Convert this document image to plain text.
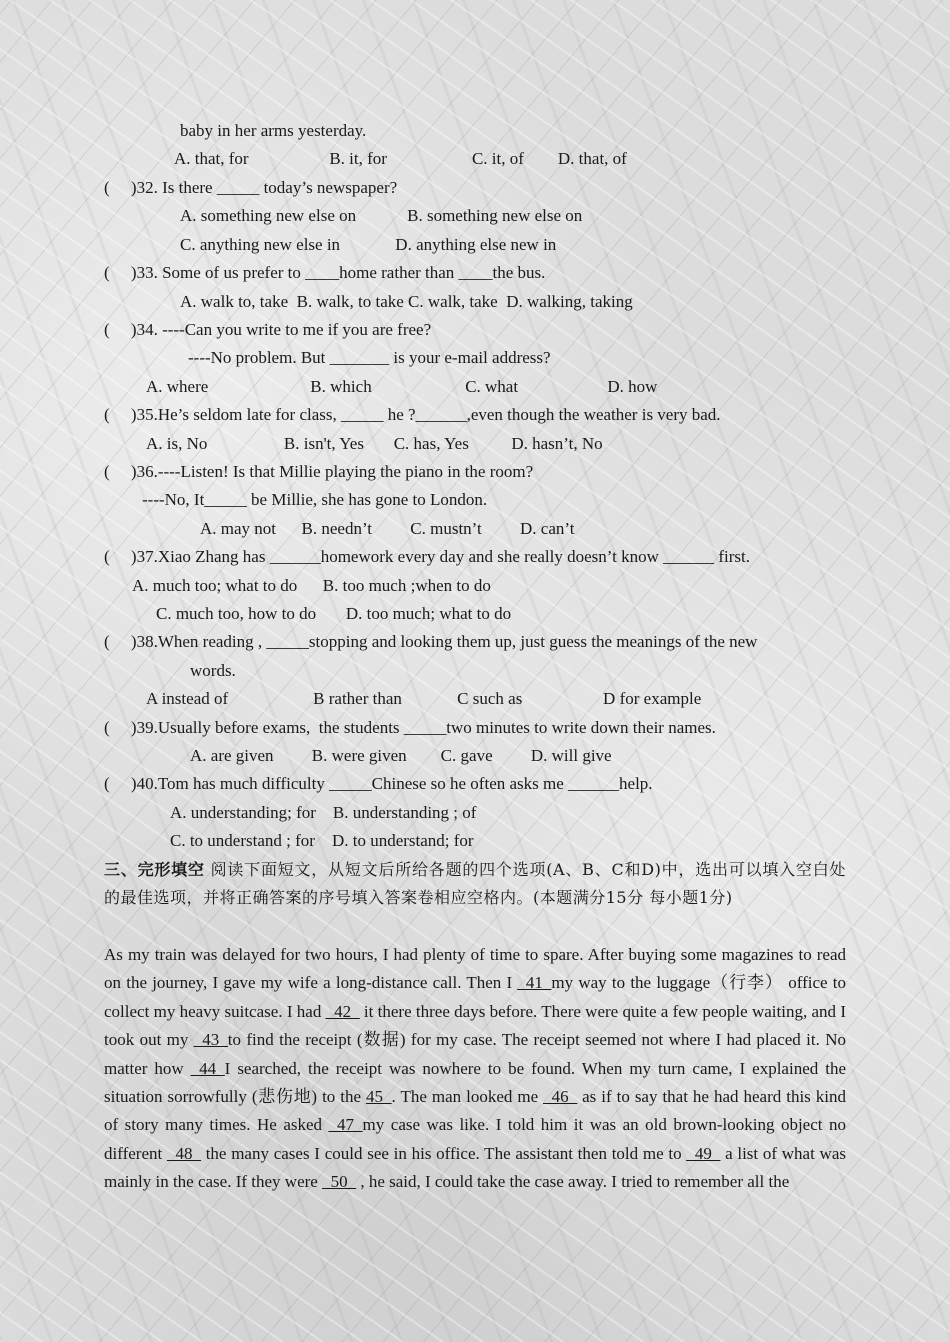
baby in her arms yesterday.
A. that, for                   B. it, for                    C. it, of        D. that, of
(     )32. Is there _____ today’s newspaper?
A. something new else on            B. something new else on
C. anything new else in             D. anything else new in
(     )33. Some of us prefer to ____home rather than ____the bus.
A. walk to, take  B. walk, to take C. walk, take  D. walking, taking
(     )34. ----Can you write to me if you are free?
----No problem. But _______ is your e-mail address?
A. where                        B. which                      C. what                     D. how
(     )35.He’s seldom late for class, _____ he ?______,even though the weather is very bad.
A. is, No                  B. isn't, Yes       C. has, Yes          D. hasn’t, No
(     )36.----Listen! Is that Millie playing the piano in the room?
----No, It_____ be Millie, she has gone to London.
A. may not      B. needn’t         C. mustn’t         D. can’t
(     )37.Xiao Zhang has ______homework every day and she really doesn’t know ______ first.
A. much too; what to do      B. too much ;when to do
C. much too, how to do       D. too much; what to do
(     )38.When reading , _____stopping and looking them up, just guess the meanings of the new
words.
A instead of                    B rather than             C such as                   D for example
(     )39.Usually before exams,  the students _____two minutes to write down their names.
A. are given         B. were given        C. gave         D. will give
(     )40.Tom has much difficulty _____Chinese so he often asks me ______help.
A. understanding; for    B. understanding ; of
C. to understand ; for    D. to understand; for
三、完形填空 阅读下面短文，从短文后所给各题的四个选项(A、B、C和D)中，选出可以填入空白处的最佳选项，并将正确答案的序号填入答案卷相应空格内。(本题满分15分 每小题1分)

As my train was delayed for two hours, I had plenty of time to spare. After buying some magazines to read on the journey, I gave my wife a long-distance call. Then I _41_my way to the luggage（行李） office to collect my heavy suitcase. I had _42_ it there three days before. There were quite a few people waiting, and I took out my _43_to find the receipt (数据) for my case. The receipt seemed not where I had placed it. No matter how _44_I searched, the receipt was nowhere to be found. When my turn came, I explained the situation sorrowfully (悲伤地) to the 45_. The man looked me _46_ as if to say that he had heard this kind of story many times. He asked _47_my case was like. I told him it was an old brown-looking object no different _48_ the many cases I could see in his office. The assistant then told me to _49_ a list of what was mainly in the case. If they were _50_ , he said, I could take the case away. I tried to remember all the
